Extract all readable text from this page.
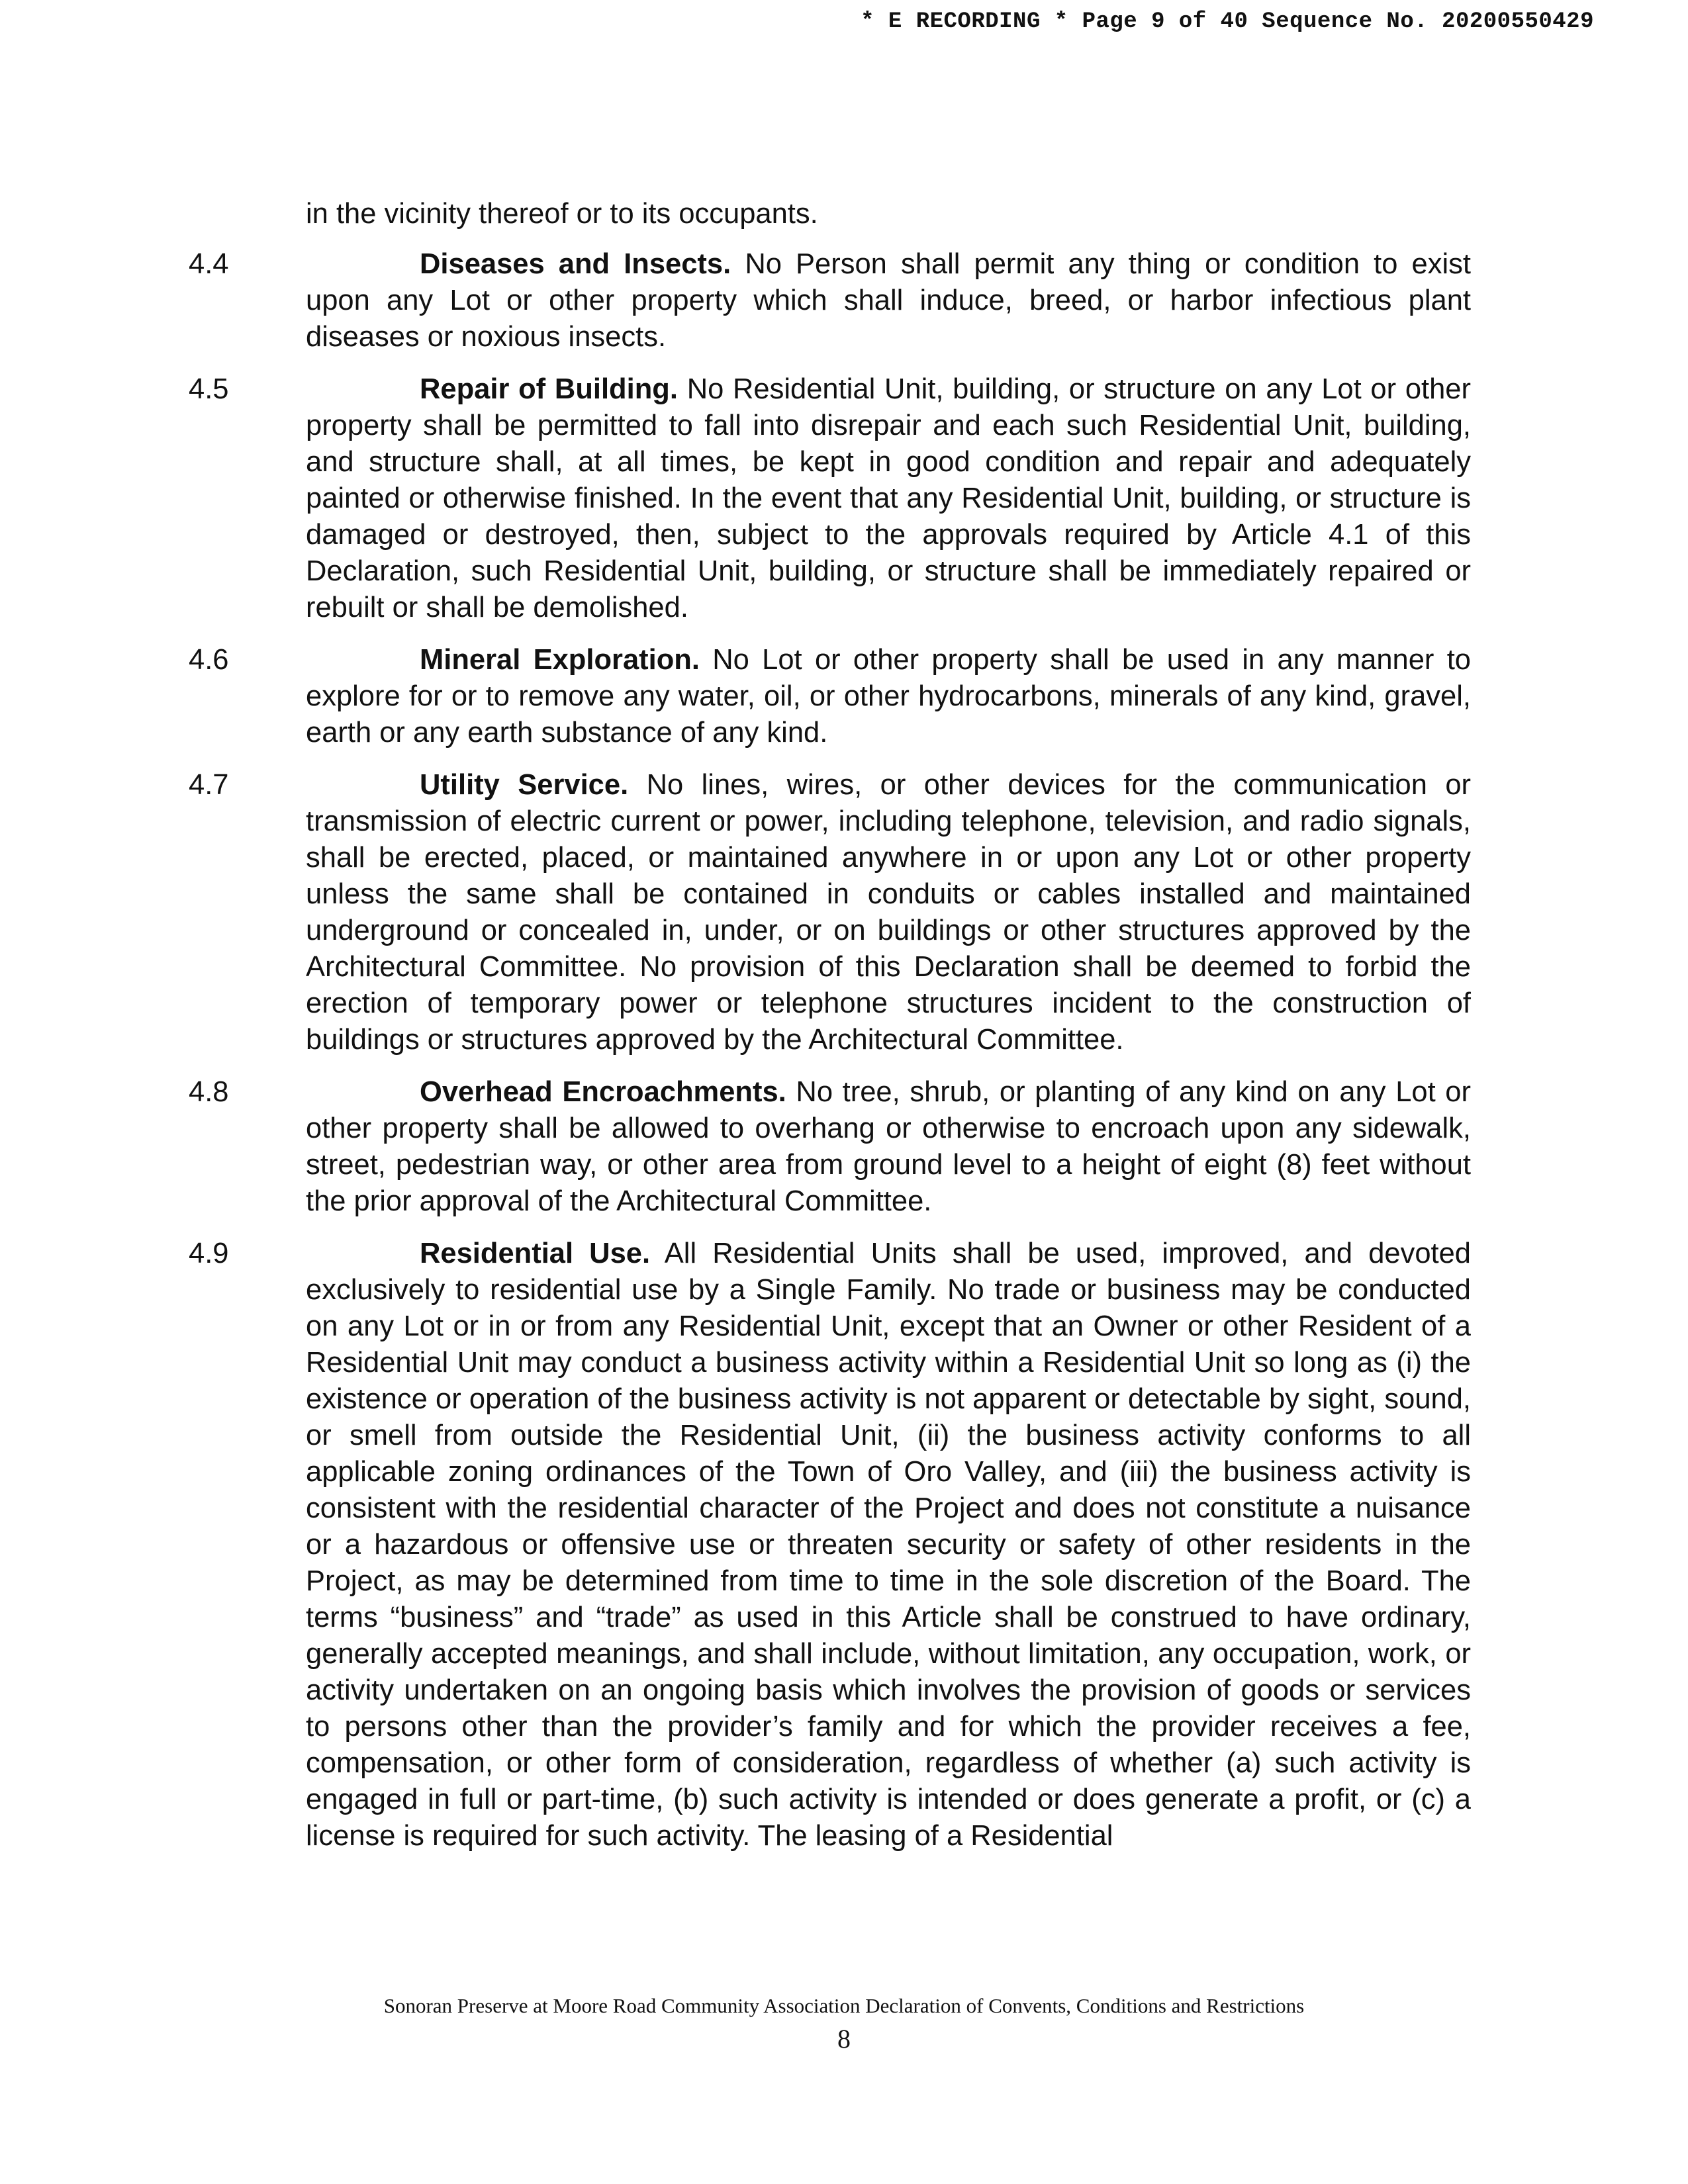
* E RECORDING * Page 9 of 40 Sequence No. 20200550429
in the vicinity thereof or to its occupants.
4.4	Diseases and Insects. No Person shall permit any thing or condition to exist upon any Lot or other property which shall induce, breed, or harbor infectious plant diseases or noxious insects.
4.5	Repair of Building. No Residential Unit, building, or structure on any Lot or other property shall be permitted to fall into disrepair and each such Residential Unit, building, and structure shall, at all times, be kept in good condition and repair and adequately painted or otherwise finished. In the event that any Residential Unit, building, or structure is damaged or destroyed, then, subject to the approvals required by Article 4.1 of this Declaration, such Residential Unit, building, or structure shall be immediately repaired or rebuilt or shall be demolished.
4.6	Mineral Exploration. No Lot or other property shall be used in any manner to explore for or to remove any water, oil, or other hydrocarbons, minerals of any kind, gravel, earth or any earth substance of any kind.
4.7	Utility Service. No lines, wires, or other devices for the communication or transmission of electric current or power, including telephone, television, and radio signals, shall be erected, placed, or maintained anywhere in or upon any Lot or other property unless the same shall be contained in conduits or cables installed and maintained underground or concealed in, under, or on buildings or other structures approved by the Architectural Committee. No provision of this Declaration shall be deemed to forbid the erection of temporary power or telephone structures incident to the construction of buildings or structures approved by the Architectural Committee.
4.8	Overhead Encroachments. No tree, shrub, or planting of any kind on any Lot or other property shall be allowed to overhang or otherwise to encroach upon any sidewalk, street, pedestrian way, or other area from ground level to a height of eight (8) feet without the prior approval of the Architectural Committee.
4.9	Residential Use. All Residential Units shall be used, improved, and devoted exclusively to residential use by a Single Family. No trade or business may be conducted on any Lot or in or from any Residential Unit, except that an Owner or other Resident of a Residential Unit may conduct a business activity within a Residential Unit so long as (i) the existence or operation of the business activity is not apparent or detectable by sight, sound, or smell from outside the Residential Unit, (ii) the business activity conforms to all applicable zoning ordinances of the Town of Oro Valley, and (iii) the business activity is consistent with the residential character of the Project and does not constitute a nuisance or a hazardous or offensive use or threaten security or safety of other residents in the Project, as may be determined from time to time in the sole discretion of the Board. The terms “business” and “trade” as used in this Article shall be construed to have ordinary, generally accepted meanings, and shall include, without limitation, any occupation, work, or activity undertaken on an ongoing basis which involves the provision of goods or services to persons other than the provider’s family and for which the provider receives a fee, compensation, or other form of consideration, regardless of whether (a) such activity is engaged in full or part-time, (b) such activity is intended or does generate a profit, or (c) a license is required for such activity. The leasing of a Residential
Sonoran Preserve at Moore Road Community Association Declaration of Convents, Conditions and Restrictions
8
